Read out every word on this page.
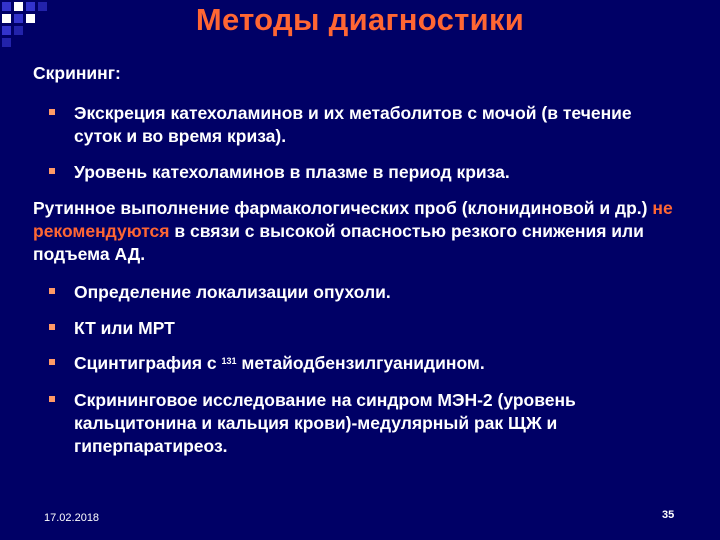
Методы диагностики
Скрининг:
Экскреция катехоламинов и их метаболитов с мочой (в течение суток и во время криза).
Уровень катехоламинов в плазме в период криза.
Рутинное выполнение фармакологических проб (клонидиновой и др.) не рекомендуются в связи с высокой опасностью резкого снижения или подъема АД.
Определение локализации опухоли.
КТ или МРТ
Сцинтиграфия с $^{131}$ метайодбензилгуанидином.
Скрининговое исследование на синдром МЭН-2 (уровень кальцитонина и кальция крови)-медулярный рак ЩЖ и гиперпаратиреоз.
17.02.2018	35
